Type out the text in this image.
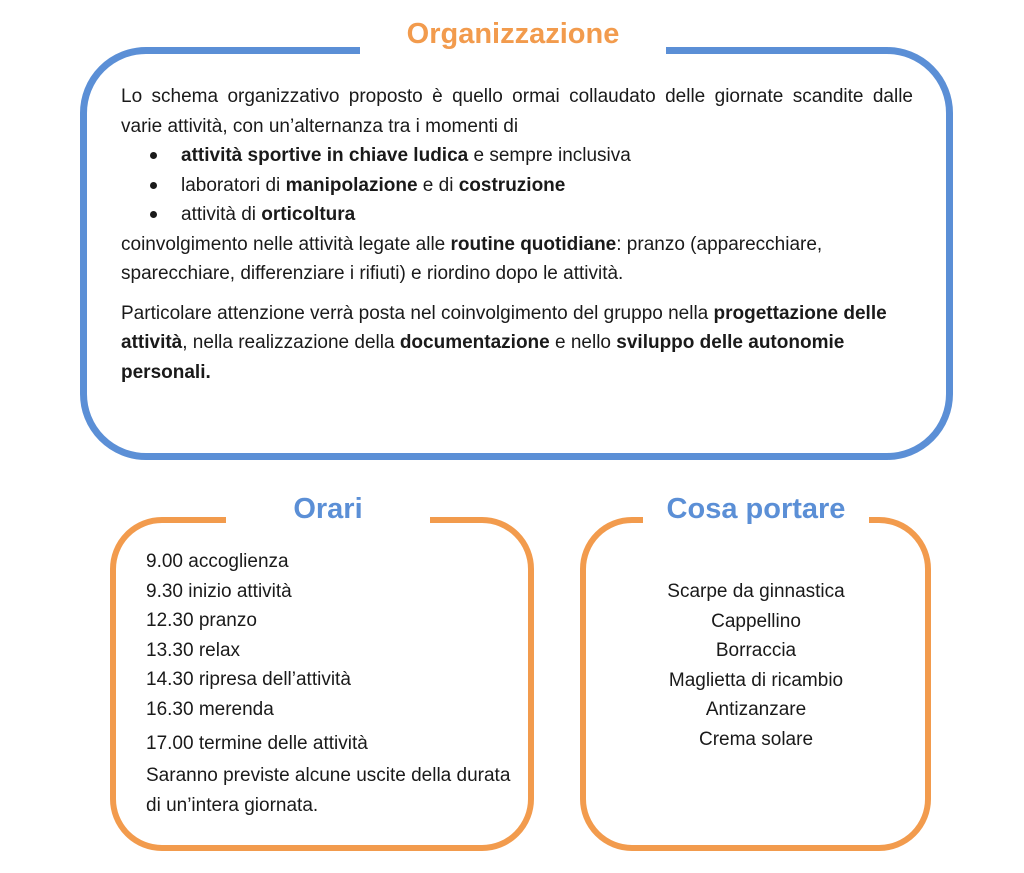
Organizzazione

Lo schema organizzativo proposto è quello ormai collaudato delle giornate scandite dalle varie attività, con un’alternanza tra i momenti di

attività sportive in chiave ludica e sempre inclusiva
laboratori di manipolazione e di costruzione
attività di orticoltura

coinvolgimento nelle attività legate alle routine quotidiane: pranzo (apparecchiare, sparecchiare, differenziare i rifiuti) e riordino dopo le attività.

Particolare attenzione verrà posta nel coinvolgimento del gruppo nella progettazione delle attività, nella realizzazione della documentazione e nello sviluppo delle autonomie personali.

Orari
9.00 accoglienza
9.30 inizio attività
12.30 pranzo
13.30 relax
14.30 ripresa dell’attività
16.30 merenda
17.00 termine delle attività
Saranno previste alcune uscite della durata di un’intera giornata.
Cosa portare
Scarpe da ginnastica
Cappellino
Borraccia
Maglietta di ricambio
Antizanzare
Crema solare
